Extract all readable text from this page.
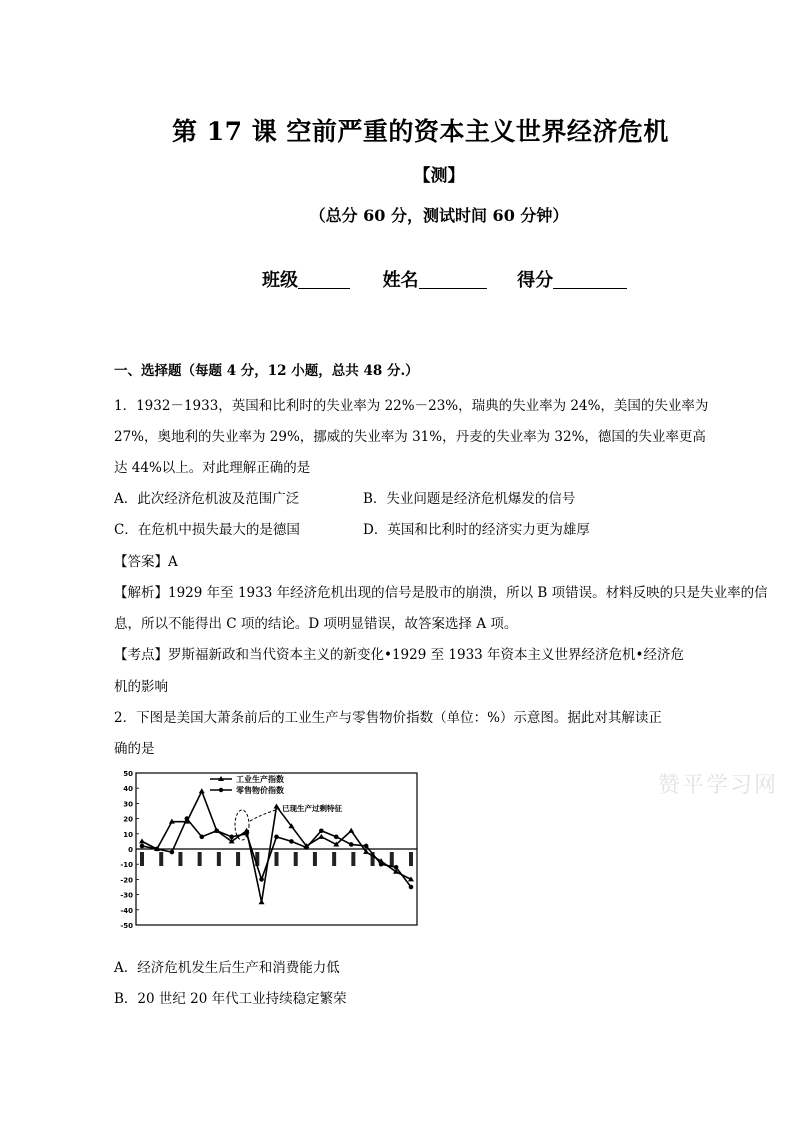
第 17 课 空前严重的资本主义世界经济危机
【测】
（总分 60 分，测试时间 60 分钟）
班级	姓名	得分
一、选择题（每题 4 分，12 小题，总共 48 分.）
1．1932－1933，英国和比利时的失业率为 22%－23%，瑞典的失业率为 24%，美国的失业率为
27%，奥地利的失业率为 29%，挪威的失业率为 31%，丹麦的失业率为 32%，德国的失业率更高
达 44%以上。对此理解正确的是
A．此次经济危机波及范围广泛	B．失业问题是经济危机爆发的信号
C．在危机中损失最大的是德国	D．英国和比利时的经济实力更为雄厚
【答案】A
【解析】1929 年至 1933 年经济危机出现的信号是股市的崩溃，所以 B 项错误。材料反映的只是失业率的信
息，所以不能得出 C 项的结论。D 项明显错误，故答案选择 A 项。
【考点】罗斯福新政和当代资本主义的新变化•1929 至 1933 年资本主义世界经济危机•经济危
机的影响
2．下图是美国大萧条前后的工业生产与零售物价指数（单位：%）示意图。据此对其解读正
确的是
赞平学习网
50
40
30
20
10
0
-10
-20
-30
-40
-50
工业生产指数
零售物价指数
已现生产过剩特征
A．经济危机发生后生产和消费能力低
B．20 世纪 20 年代工业持续稳定繁荣
